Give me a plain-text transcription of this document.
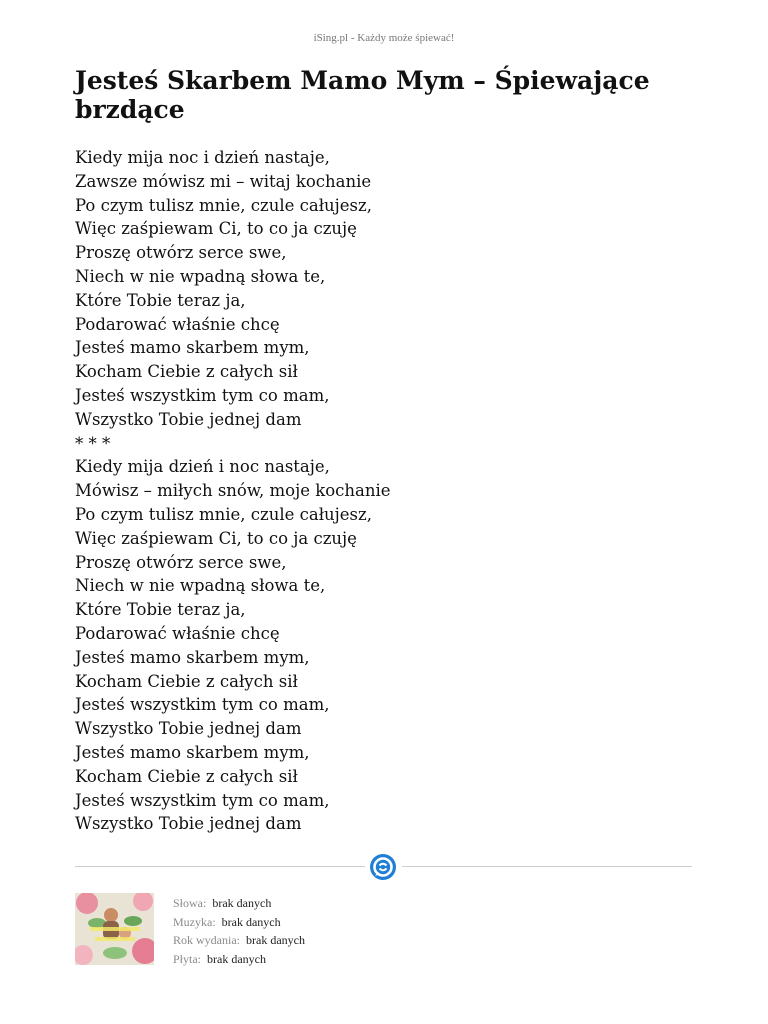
iSing.pl - Każdy może śpiewać!
Jesteś Skarbem Mamo Mym – Śpiewające brzdące
Kiedy mija noc i dzień nastaje,
Zawsze mówisz mi – witaj kochanie
Po czym tulisz mnie, czule całujesz,
Więc zaśpiewam Ci, to co ja czuję
Proszę otwórz serce swe,
Niech w nie wpadną słowa te,
Które Tobie teraz ja,
Podarować właśnie chcę
Jesteś mamo skarbem mym,
Kocham Ciebie z całych sił
Jesteś wszystkim tym co mam,
Wszystko Tobie jednej dam
* * *
Kiedy mija dzień i noc nastaje,
Mówisz – miłych snów, moje kochanie
Po czym tulisz mnie, czule całujesz,
Więc zaśpiewam Ci, to co ja czuję
Proszę otwórz serce swe,
Niech w nie wpadną słowa te,
Które Tobie teraz ja,
Podarować właśnie chcę
Jesteś mamo skarbem mym,
Kocham Ciebie z całych sił
Jesteś wszystkim tym co mam,
Wszystko Tobie jednej dam
Jesteś mamo skarbem mym,
Kocham Ciebie z całych sił
Jesteś wszystkim tym co mam,
Wszystko Tobie jednej dam
Słowa: brak danych
Muzyka: brak danych
Rok wydania: brak danych
Płyta: brak danych
